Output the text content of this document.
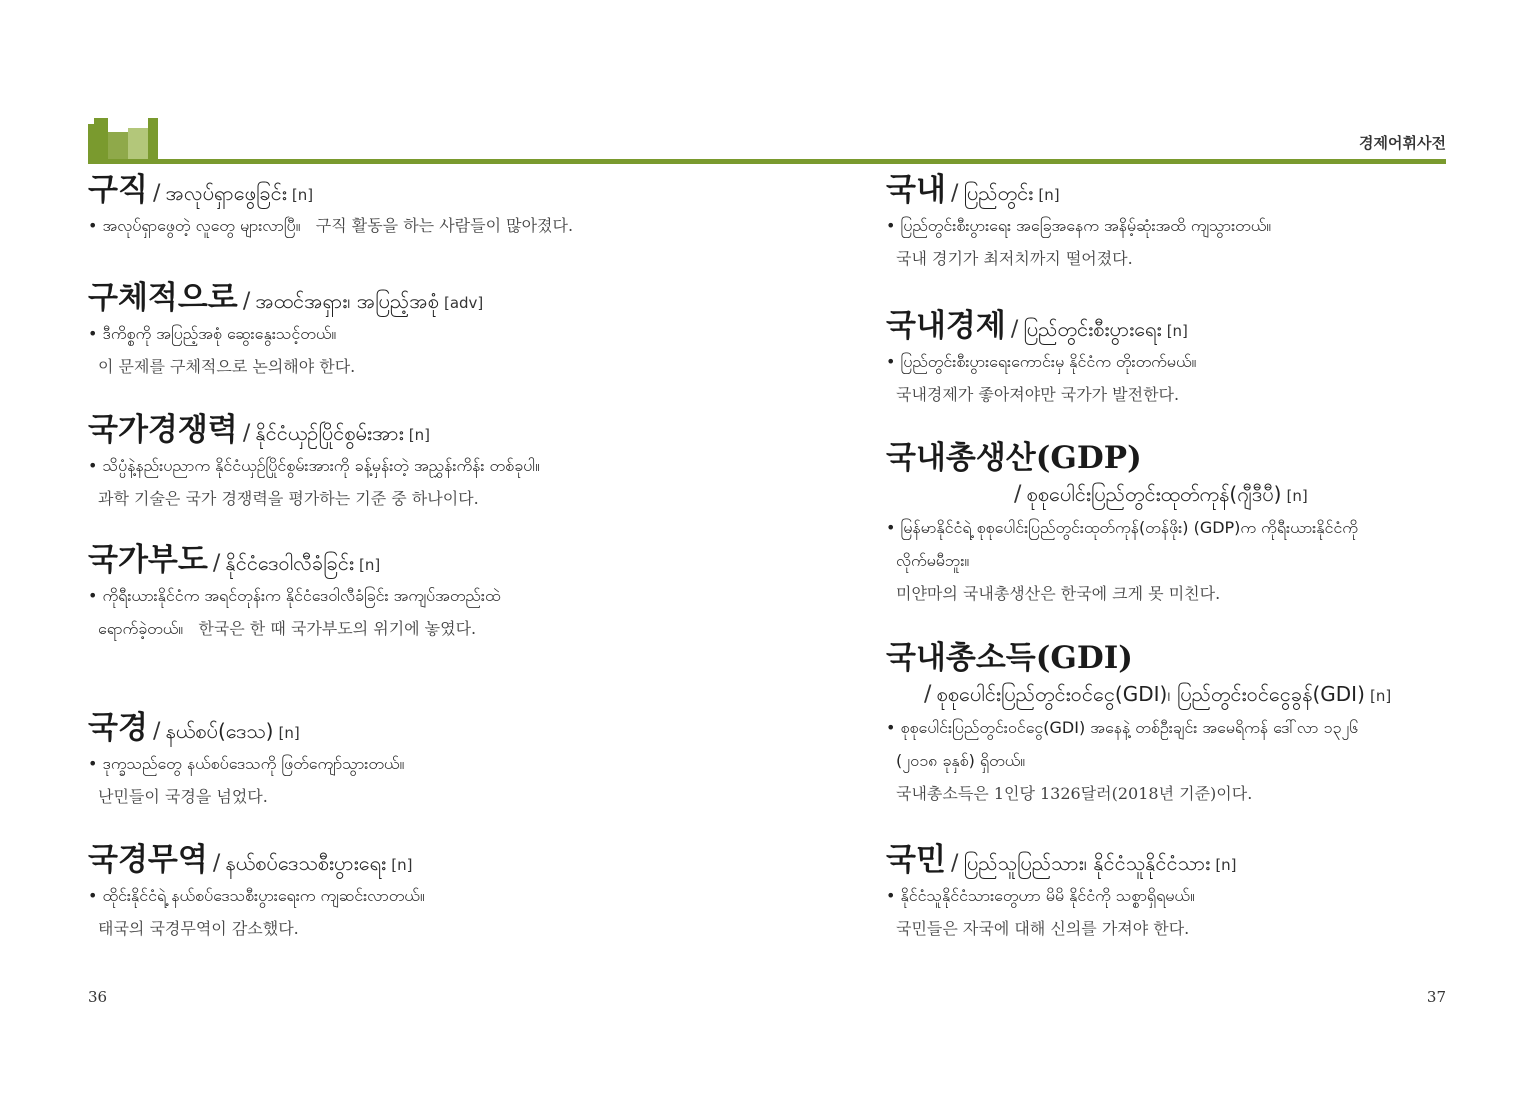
경제어휘사전
구직 / အလုပ်ရှာဖွေခြင်း [n]
• အလုပ်ရှာဖွေတဲ့ လူတွေ များလာပြီ။ 구직 활동을 하는 사람들이 많아졌다.
구체적으로 / အထင်အရှား၊ အပြည့်အစုံ [adv]
• ဒီကိစ္စကို အပြည့်အစုံ ဆွေးနွေးသင့်တယ်။
이 문제를 구체적으로 논의해야 한다.
국가경쟁력 / နိုင်ငံယှဉ်ပြိုင်စွမ်းအား [n]
• သိပ္ပံနဲ့နည်းပညာက နိုင်ငံယှဉ်ပြိုင်စွမ်းအားကို ခန့်မှန်းတဲ့ အညွှန်းကိန်း တစ်ခုပါ။
과학 기술은 국가 경쟁력을 평가하는 기준 중 하나이다.
국가부도 / နိုင်ငံဒေဝါလီခံခြင်း [n]
• ကိုရီးယားနိုင်ငံက အရင်တုန်းက နိုင်ငံဒေဝါလီခံခြင်း အကျပ်အတည်းထဲ
ရောက်ခဲ့တယ်။ 한국은 한 때 국가부도의 위기에 놓였다.
국경 / နယ်စပ်(ဒေသ) [n]
• ဒုက္ခသည်တွေ နယ်စပ်ဒေသကို ဖြတ်ကျော်သွားတယ်။
난민들이 국경을 넘었다.
국경무역 / နယ်စပ်ဒေသစီးပွားရေး [n]
• ထိုင်းနိုင်ငံရဲ့ နယ်စပ်ဒေသစီးပွားရေးက ကျဆင်းလာတယ်။
태국의 국경무역이 감소했다.
국내 / ပြည်တွင်း [n]
• ပြည်တွင်းစီးပွားရေး အခြေအနေက အနိမ့်ဆုံးအထိ ကျသွားတယ်။
국내 경기가 최저치까지 떨어졌다.
국내경제 / ပြည်တွင်းစီးပွားရေး [n]
• ပြည်တွင်းစီးပွားရေးကောင်းမှ နိုင်ငံက တိုးတက်မယ်။
국내경제가 좋아져야만 국가가 발전한다.
국내총생산(GDP)
/ စုစုပေါင်းပြည်တွင်းထုတ်ကုန်(ဂျီဒီပီ) [n]
• မြန်မာနိုင်ငံရဲ့ စုစုပေါင်းပြည်တွင်းထုတ်ကုန်(တန်ဖိုး) (GDP)က ကိုရီးယားနိုင်ငံကို
လိုက်မမီဘူး။
미얀마의 국내총생산은 한국에 크게 못 미친다.
국내총소득(GDI)
/ စုစုပေါင်းပြည်တွင်းဝင်ငွေ(GDI)၊ ပြည်တွင်းဝင်ငွေခွန်(GDI) [n]
• စုစုပေါင်းပြည်တွင်းဝင်ငွေ(GDI) အနေနဲ့ တစ်ဦးချင်း အမေရိကန် ဒေါ်လာ ၁၃၂၆
(၂၀၁၈ ခုနှစ်) ရှိတယ်။
국내총소득은 1인당 1326달러(2018년 기준)이다.
국민 / ပြည်သူပြည်သား၊ နိုင်ငံသူနိုင်ငံသား [n]
• နိုင်ငံသူနိုင်ငံသားတွေဟာ မိမိ နိုင်ငံကို သစ္စာရှိရမယ်။
국민들은 자국에 대해 신의를 가져야 한다.
36	37
